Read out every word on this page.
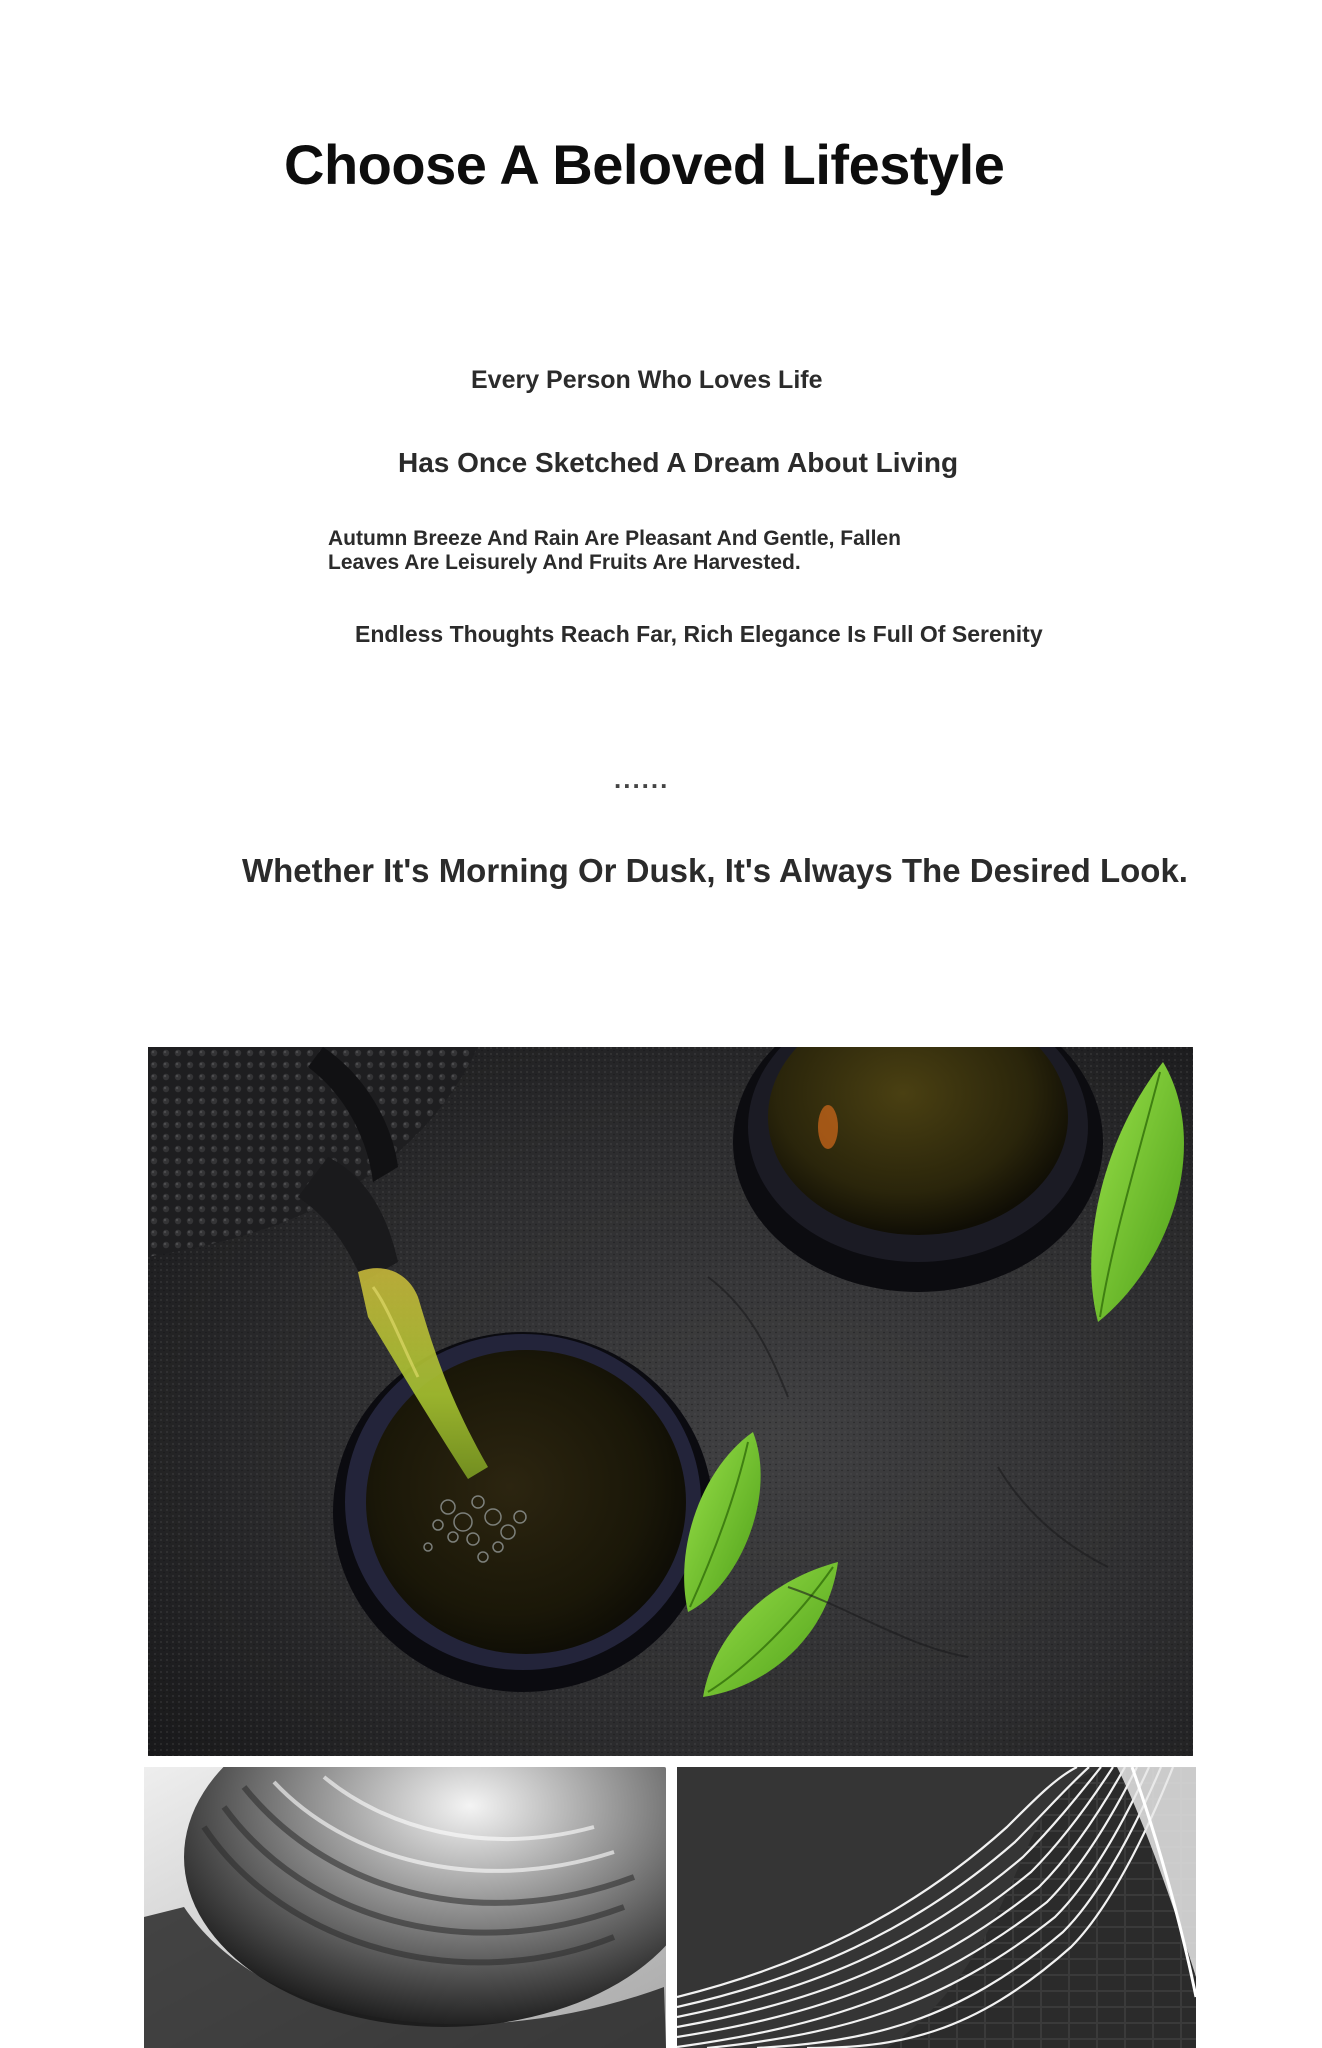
Choose A Beloved Lifestyle
Every Person Who Loves Life
Has Once Sketched A Dream About Living
Autumn Breeze And Rain Are Pleasant And Gentle, Fallen Leaves Are Leisurely And Fruits Are Harvested.
Endless Thoughts Reach Far, Rich Elegance Is Full Of Serenity
......
Whether It's Morning Or Dusk, It's Always The Desired Look.
